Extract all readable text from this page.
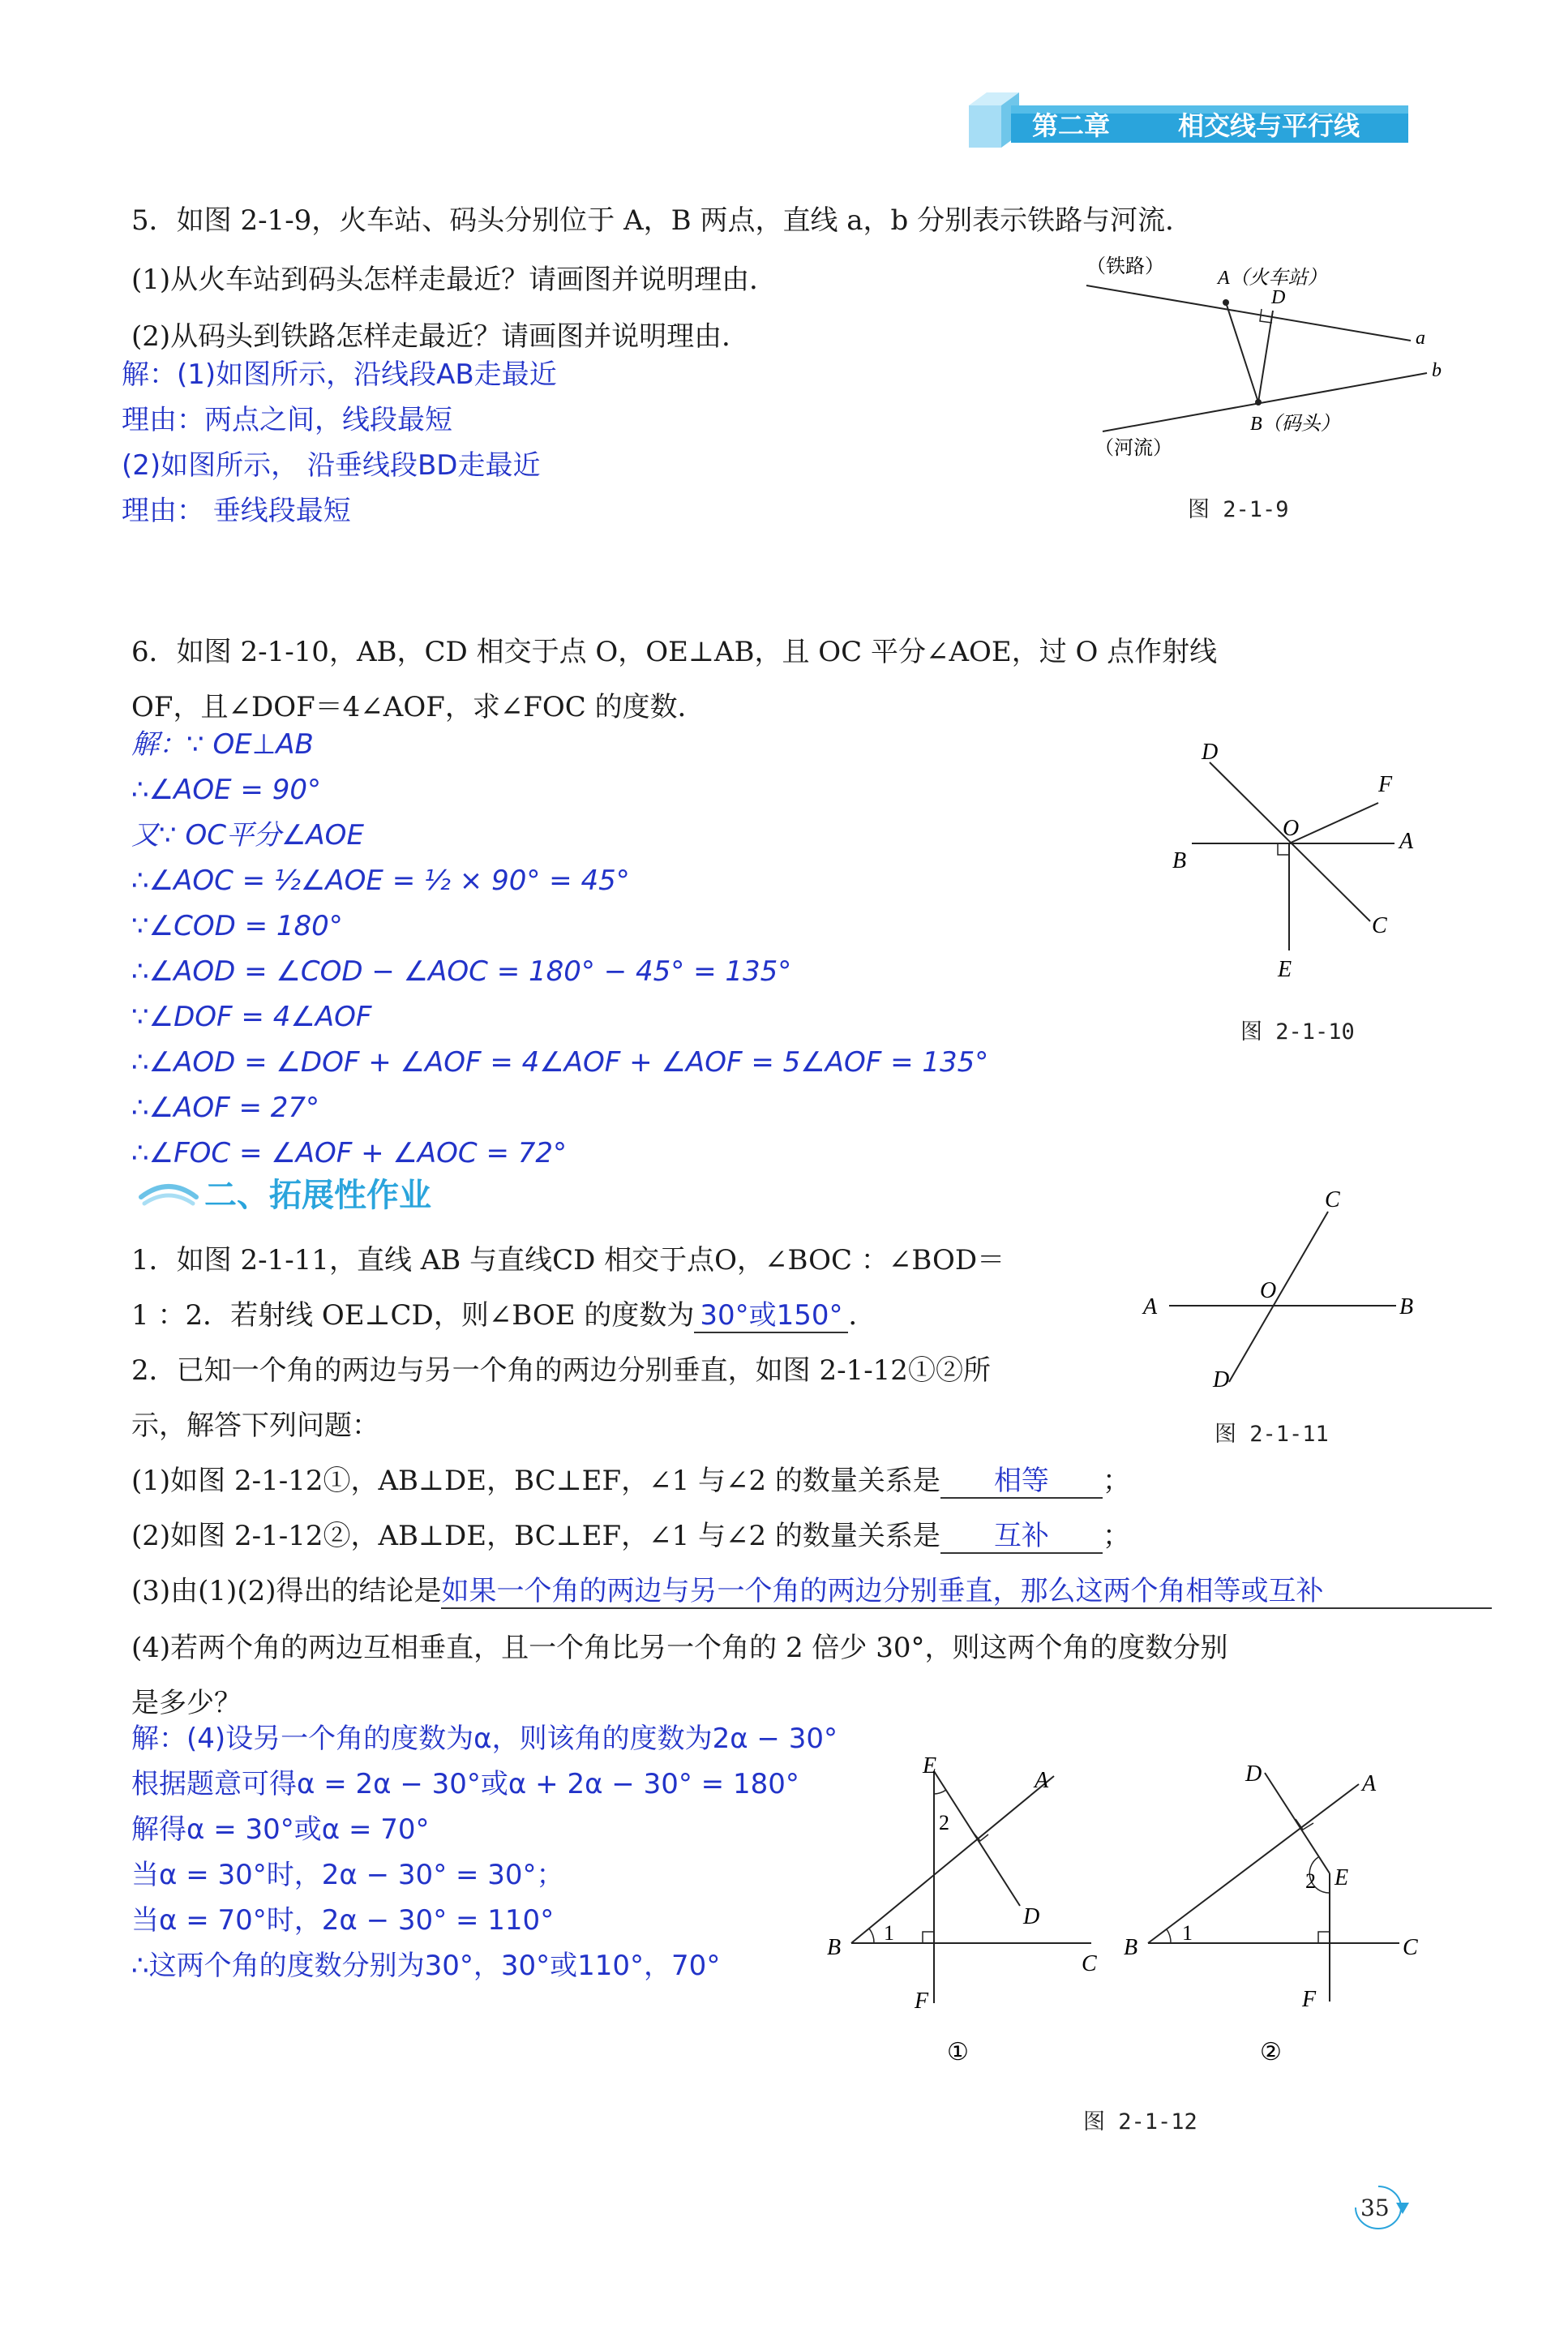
第二章	相交线与平行线
5．如图 2-1-9，火车站、码头分别位于 A，B 两点，直线 a，b 分别表示铁路与河流．
(1)从火车站到码头怎样走最近？请画图并说明理由．
(2)从码头到铁路怎样走最近？请画图并说明理由．
解：(1)如图所示，沿线段AB走最近
理由：两点之间，线段最短
(2)如图所示， 沿垂线段BD走最近
理由： 垂线段最短
（铁路）
A（火车站）
D
a
b
B（码头）
（河流）
图 2-1-9
6．如图 2-1-10，AB，CD 相交于点 O，OE⊥AB，且 OC 平分∠AOE，过 O 点作射线
OF，且∠DOF＝4∠AOF，求∠FOC 的度数．
解：∵ OE⊥AB
∴∠AOE = 90°
又∵ OC平分∠AOE
∴∠AOC = ½∠AOE = ½ × 90° = 45°
∵∠COD = 180°
∴∠AOD = ∠COD − ∠AOC = 180° − 45° = 135°
∵∠DOF = 4∠AOF
∴∠AOD = ∠DOF + ∠AOF = 4∠AOF + ∠AOF = 5∠AOF = 135°
∴∠AOF = 27°
∴∠FOC = ∠AOF + ∠AOC = 72°
D
F
O
A
B
C
E
图 2-1-10
二、拓展性作业
1．如图 2-1-11，直线 AB 与直线CD 相交于点O，∠BOC ：∠BOD＝
1 ：2．若射线 OE⊥CD，则∠BOE 的度数为 30°或150° ．
C
A
O
B
D
图 2-1-11
2．已知一个角的两边与另一个角的两边分别垂直，如图 2-1-12①②所
示，解答下列问题：
(1)如图 2-1-12①，AB⊥DE，BC⊥EF，∠1 与∠2 的数量关系是 相等 ；
(2)如图 2-1-12②，AB⊥DE，BC⊥EF，∠1 与∠2 的数量关系是 互补 ；
(3)由(1)(2)得出的结论是如果一个角的两边与另一个角的两边分别垂直，那么这两个角相等或互补
(4)若两个角的两边互相垂直，且一个角比另一个角的 2 倍少 30°，则这两个角的度数分别
是多少？
解：(4)设另一个角的度数为α，则该角的度数为2α − 30°
根据题意可得α = 2α − 30°或α + 2α − 30° = 180°
解得α = 30°或α = 70°
当α = 30°时，2α − 30° = 30°；
当α = 70°时，2α − 30° = 110°
∴这两个角的度数分别为30°，30°或110°，70°
E
A
2
D
B
1
C
F
①
D	A
E
2
B
1
C
F
②
图 2-1-12
35
